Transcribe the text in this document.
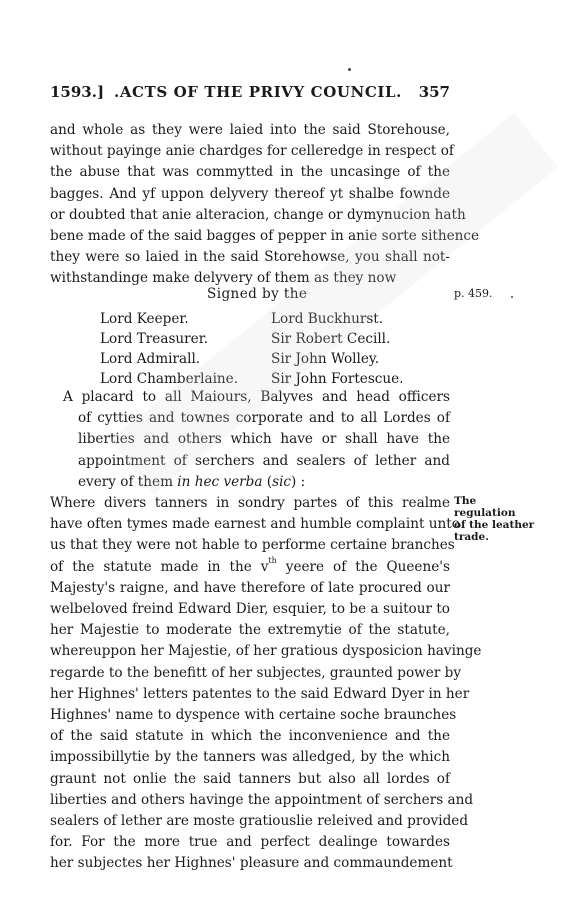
1593.] .ACTS OF THE PRIVY COUNCIL. 357
and whole as they were laied into the said Storehouse,
without payinge anie chardges for celleredge in respect of
the abuse that was commytted in the uncasinge of the
bagges. And yf uppon delyvery thereof yt shalbe fownde
or doubted that anie alteracion, change or dymynucion hath
bene made of the said bagges of pepper in anie sorte sithence
they were so laied in the said Storehowse, you shall not-
withstandinge make delyvery of them as they now
Signed by the	p. 459.
Lord Keeper.	Lord Buckhurst.
Lord Treasurer.	Sir Robert Cecill.
Lord Admirall.	Sir John Wolley.
Lord Chamberlaine.	Sir John Fortescue.
A placard to all Maiours, Balyves and head officers
of cytties and townes corporate and to all Lordes of
liberties and others which have or shall have the
appointment of serchers and sealers of lether and
every of them in hec verba (sic) :
The
regulation
of the leather
trade.
Where divers tanners in sondry partes of this realme
have often tymes made earnest and humble complaint unto
us that they were not hable to performe certaine branches
of the statute made in the $v^{th}$ yeere of the Queene's
Majesty's raigne, and have therefore of late procured our
welbeloved freind Edward Dier, esquier, to be a suitour to
her Majestie to moderate the extremytie of the statute,
whereuppon her Majestie, of her gratious dysposicion havinge
regarde to the benefitt of her subjectes, graunted power by
her Highnes' letters patentes to the said Edward Dyer in her
Highnes' name to dyspence with certaine soche braunches
of the said statute in which the inconvenience and the
impossibillytie by the tanners was alledged, by the which
graunt not onlie the said tanners but also all lordes of
liberties and others havinge the appointment of serchers and
sealers of lether are moste gratiouslie releived and provided
for. For the more true and perfect dealinge towardes
her subjectes her Highnes' pleasure and commaundement
